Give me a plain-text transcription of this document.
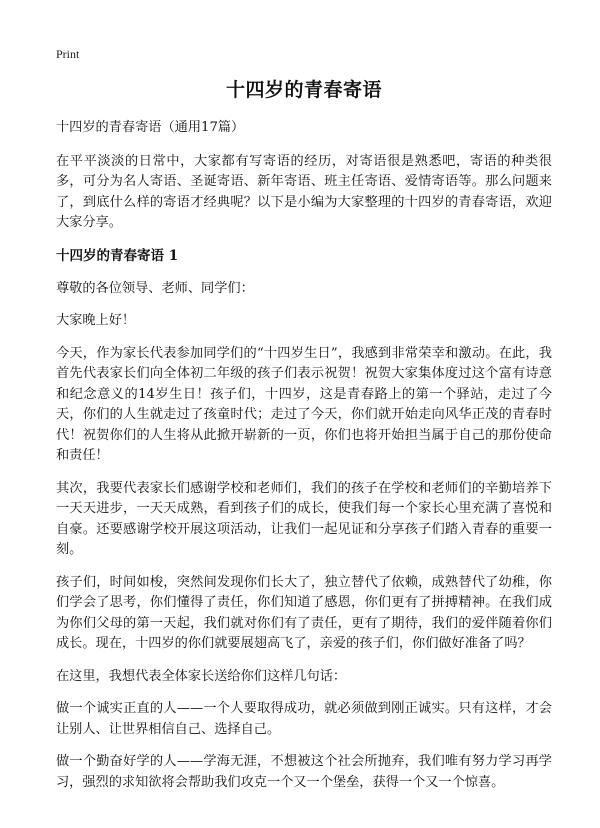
Print
十四岁的青春寄语
十四岁的青春寄语（通用17篇）
在平平淡淡的日常中，大家都有写寄语的经历，对寄语很是熟悉吧，寄语的种类很多，可分为名人寄语、圣诞寄语、新年寄语、班主任寄语、爱情寄语等。那么问题来了，到底什么样的寄语才经典呢？以下是小编为大家整理的十四岁的青春寄语，欢迎大家分享。
十四岁的青春寄语 1
尊敬的各位领导、老师、同学们：
大家晚上好！
今天，作为家长代表参加同学们的“十四岁生日”，我感到非常荣幸和激动。在此，我首先代表家长们向全体初二年级的孩子们表示祝贺！祝贺大家集体度过这个富有诗意和纪念意义的14岁生日！孩子们，十四岁，这是青春路上的第一个驿站，走过了今天，你们的人生就走过了孩童时代；走过了今天，你们就开始走向风华正茂的青春时代！祝贺你们的人生将从此掀开崭新的一页，你们也将开始担当属于自己的那份使命和责任！
其次，我要代表家长们感谢学校和老师们，我们的孩子在学校和老师们的辛勤培养下一天天进步，一天天成熟，看到孩子们的成长，使我们每一个家长心里充满了喜悦和自豪。还要感谢学校开展这项活动，让我们一起见证和分享孩子们踏入青春的重要一刻。
孩子们，时间如梭，突然间发现你们长大了，独立替代了依赖，成熟替代了幼稚，你们学会了思考，你们懂得了责任，你们知道了感恩，你们更有了拼搏精神。在我们成为你们父母的第一天起，我们就对你们有了责任，更有了期待，我们的爱伴随着你们成长。现在，十四岁的你们就要展翅高飞了，亲爱的孩子们，你们做好准备了吗？
在这里，我想代表全体家长送给你们这样几句话：
做一个诚实正直的人——一个人要取得成功，就必须做到刚正诚实。只有这样，才会让别人、让世界相信自己、选择自己。
做一个勤奋好学的人——学海无涯，不想被这个社会所抛弃，我们唯有努力学习再学习，强烈的求知欲将会帮助我们攻克一个又一个堡垒，获得一个又一个惊喜。
